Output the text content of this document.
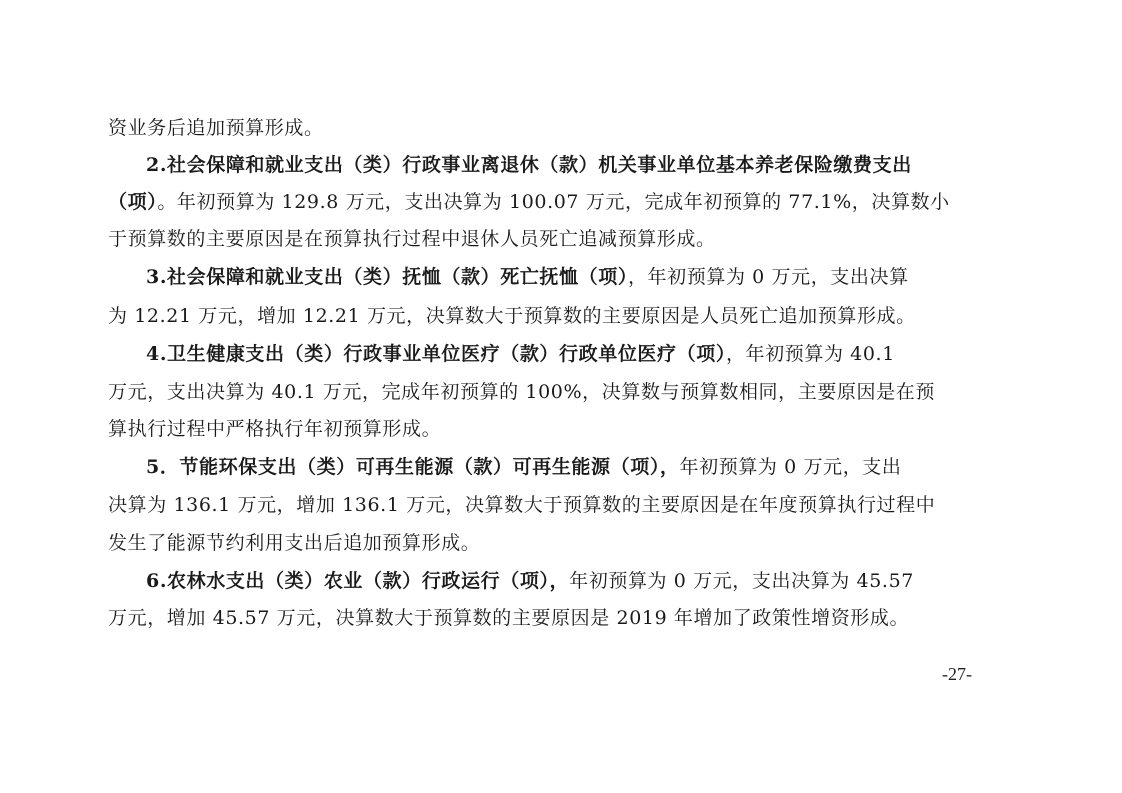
资业务后追加预算形成。
2.社会保障和就业支出（类）行政事业离退休（款）机关事业单位基本养老保险缴费支出
（项）。年初预算为 129.8 万元，支出决算为 100.07 万元，完成年初预算的 77.1%，决算数小
于预算数的主要原因是在预算执行过程中退休人员死亡追减预算形成。
3.社会保障和就业支出（类）抚恤（款）死亡抚恤（项），年初预算为 0 万元，支出决算
为 12.21 万元，增加 12.21 万元，决算数大于预算数的主要原因是人员死亡追加预算形成。
4.卫生健康支出（类）行政事业单位医疗（款）行政单位医疗（项），年初预算为 40.1
万元，支出决算为 40.1 万元，完成年初预算的 100%，决算数与预算数相同，主要原因是在预
算执行过程中严格执行年初预算形成。
5．节能环保支出（类）可再生能源（款）可再生能源（项），年初预算为 0 万元，支出
决算为 136.1 万元，增加 136.1 万元，决算数大于预算数的主要原因是在年度预算执行过程中
发生了能源节约利用支出后追加预算形成。
6.农林水支出（类）农业（款）行政运行（项），年初预算为 0 万元，支出决算为 45.57
万元，增加 45.57 万元，决算数大于预算数的主要原因是 2019 年增加了政策性增资形成。
-27-
